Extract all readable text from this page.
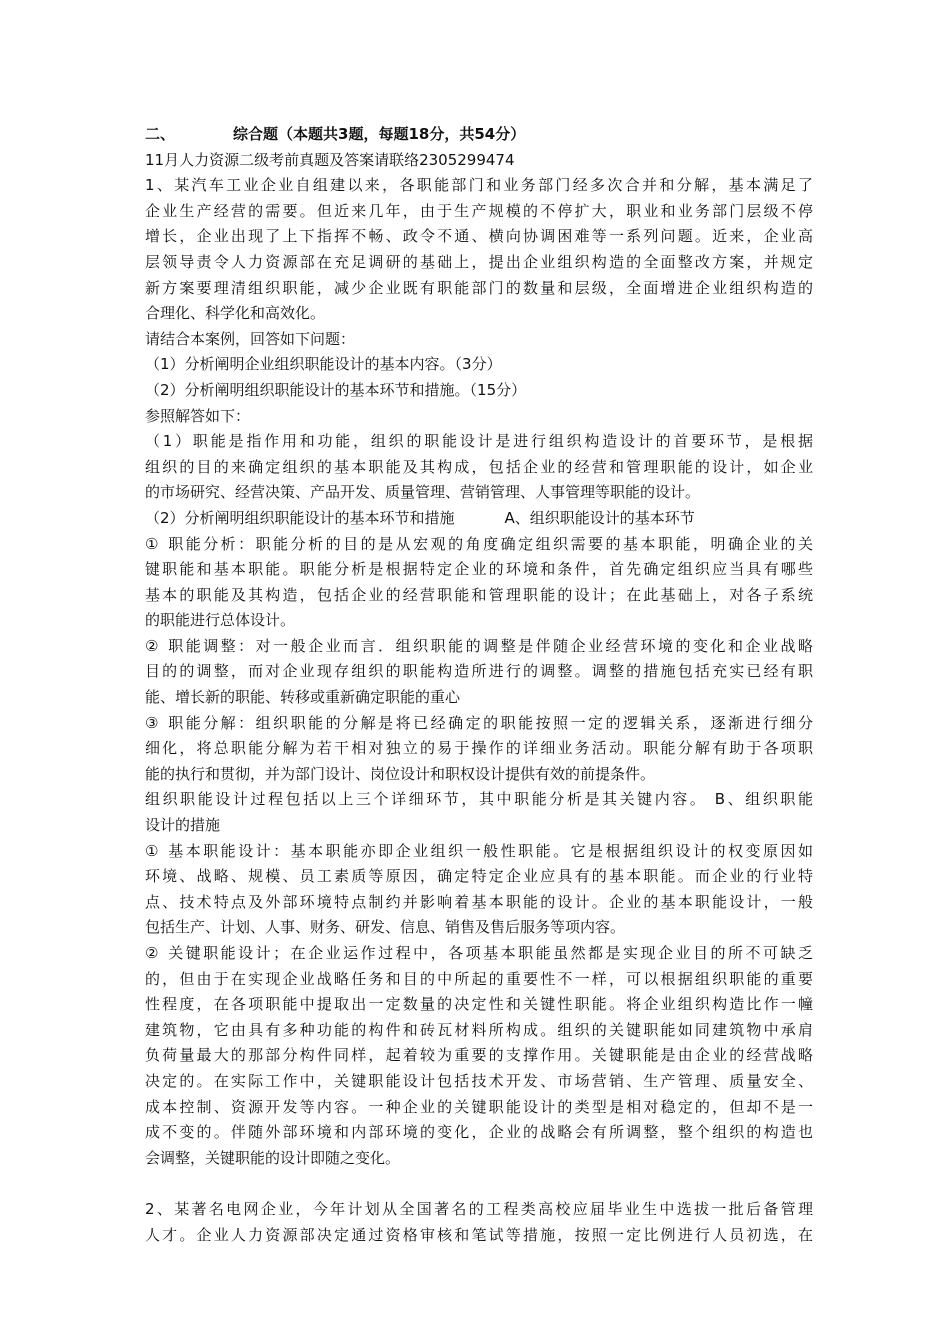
二、	综合题（本题共3题，每题18分，共54分）
11月人力资源二级考前真题及答案请联络2305299474
1、某汽车工业企业自组建以来，各职能部门和业务部门经多次合并和分解，基本满足了
企业生产经营的需要。但近来几年，由于生产规模的不停扩大，职业和业务部门层级不停
增长，企业出现了上下指挥不畅、政令不通、横向协调困难等一系列问题。近来，企业高
层领导责令人力资源部在充足调研的基础上，提出企业组织构造的全面整改方案，并规定
新方案要理清组织职能，减少企业既有职能部门的数量和层级，全面增进企业组织构造的
合理化、科学化和高效化。
请结合本案例，回答如下问题：
（1）分析阐明企业组织职能设计的基本内容。（3分）
（2）分析阐明组织职能设计的基本环节和措施。（15分）
参照解答如下：
（1）职能是指作用和功能，组织的职能设计是进行组织构造设计的首要环节，是根据
组织的目的来确定组织的基本职能及其构成，包括企业的经营和管理职能的设计，如企业
的市场研究、经营决策、产品开发、质量管理、营销管理、人事管理等职能的设计。
（2）分析阐明组织职能设计的基本环节和措施	A、组织职能设计的基本环节
① 职能分析：职能分析的目的是从宏观的角度确定组织需要的基本职能，明确企业的关
键职能和基本职能。职能分析是根据特定企业的环境和条件，首先确定组织应当具有哪些
基本的职能及其构造，包括企业的经营职能和管理职能的设计；在此基础上，对各子系统
的职能进行总体设计。
② 职能调整：对一般企业而言．组织职能的调整是伴随企业经营环境的变化和企业战略
目的的调整，而对企业现存组织的职能构造所进行的调整。调整的措施包括充实已经有职
能、增长新的职能、转移或重新确定职能的重心
③ 职能分解：组织职能的分解是将已经确定的职能按照一定的逻辑关系，逐渐进行细分
细化，将总职能分解为若干相对独立的易于操作的详细业务活动。职能分解有助于各项职
能的执行和贯彻，并为部门设计、岗位设计和职权设计提供有效的前提条件。
组织职能设计过程包括以上三个详细环节，其中职能分析是其关键内容。 B、组织职能
设计的措施
① 基本职能设计：基本职能亦即企业组织一般性职能。它是根据组织设计的权变原因如
环境、战略、规模、员工素质等原因，确定特定企业应具有的基本职能。而企业的行业特
点、技术特点及外部环境特点制约并影响着基本职能的设计。企业的基本职能设计，一般
包括生产、计划、人事、财务、研发、信息、销售及售后服务等项内容。
② 关键职能设计；在企业运作过程中，各项基本职能虽然都是实现企业目的所不可缺乏
的，但由于在实现企业战略任务和目的中所起的重要性不一样，可以根据组织职能的重要
性程度，在各项职能中提取出一定数量的决定性和关键性职能。将企业组织构造比作一幢
建筑物，它由具有多种功能的构件和砖瓦材料所构成。组织的关键职能如同建筑物中承肩
负荷量最大的那部分构件同样，起着较为重要的支撑作用。关键职能是由企业的经营战略
决定的。在实际工作中，关键职能设计包括技术开发、市场营销、生产管理、质量安全、
成本控制、资源开发等内容。一种企业的关键职能设计的类型是相对稳定的，但却不是一
成不变的。伴随外部环境和内部环境的变化，企业的战略会有所调整，整个组织的构造也
会调整，关键职能的设计即随之变化。
2、某著名电网企业，今年计划从全国著名的工程类高校应届毕业生中选拔一批后备管理
人才。企业人力资源部决定通过资格审核和笔试等措施，按照一定比例进行人员初选，在
